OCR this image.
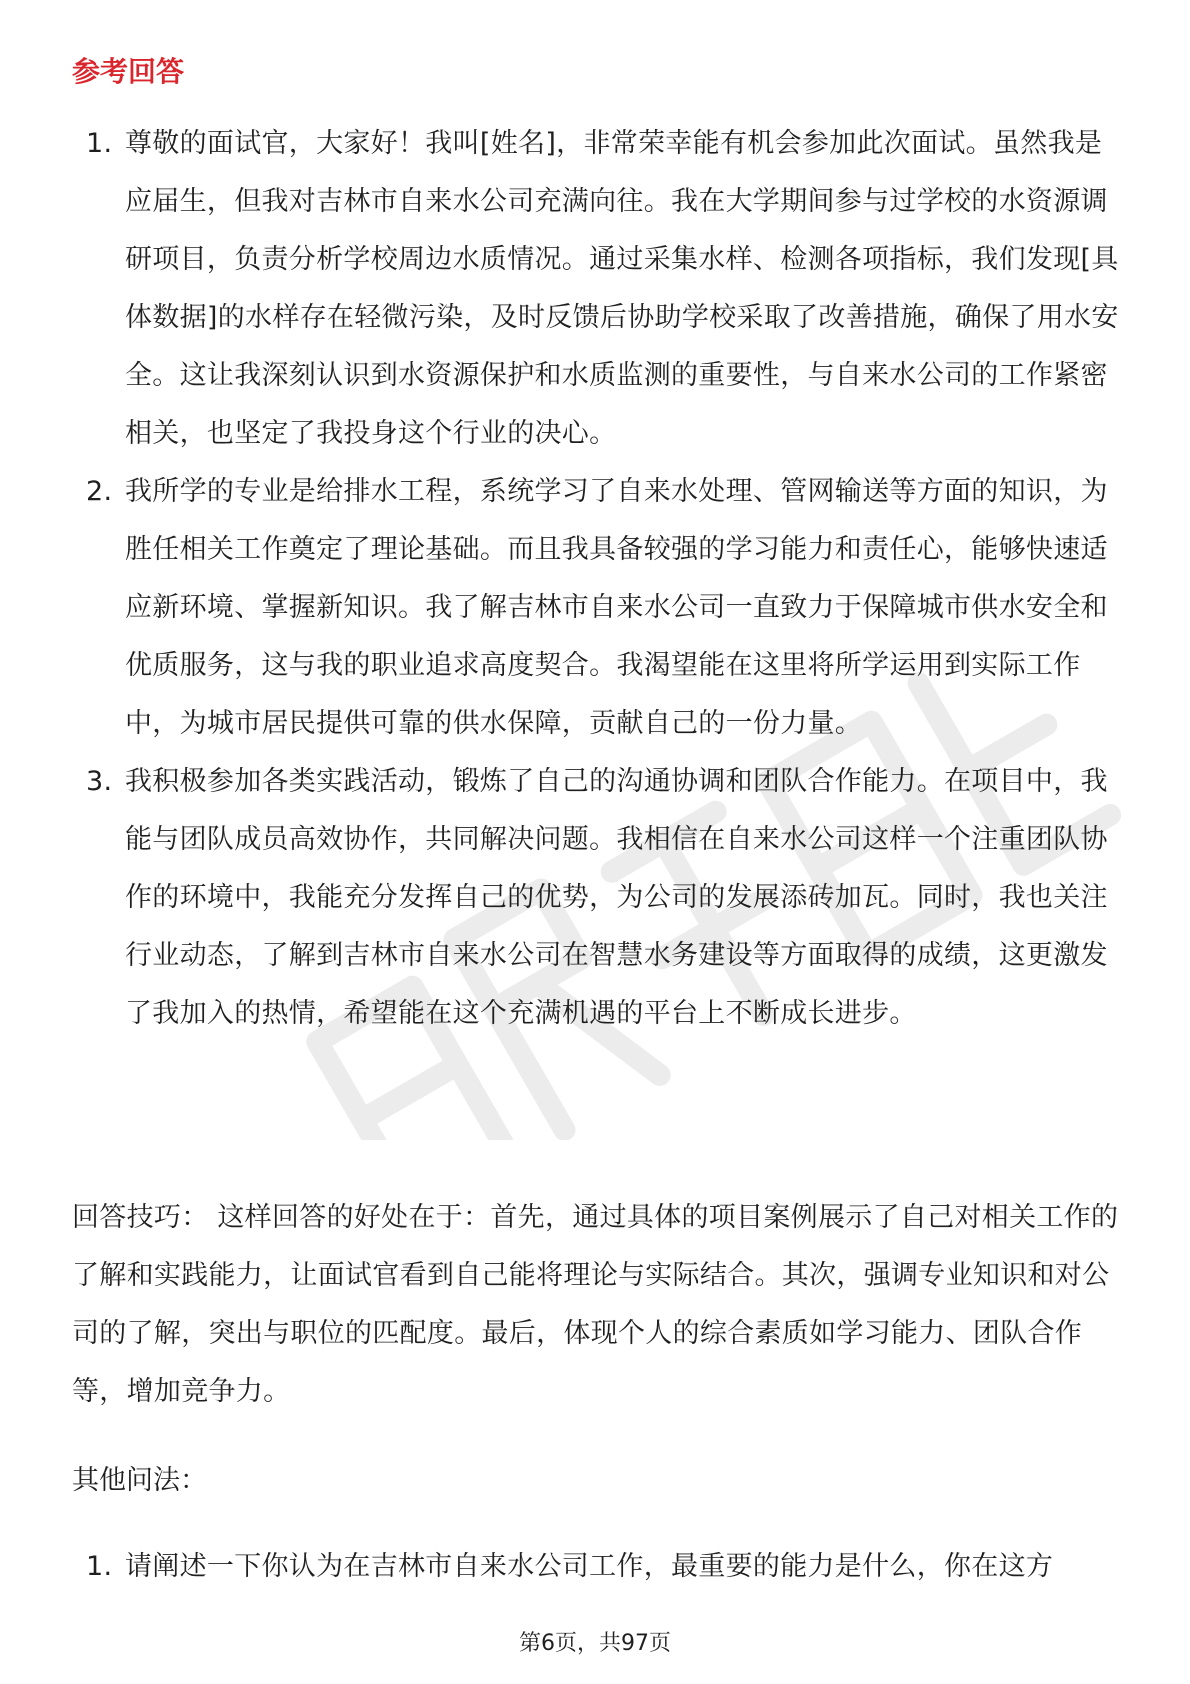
参考回答
1. 尊敬的面试官，大家好！我叫[姓名]，非常荣幸能有机会参加此次面试。虽然我是应届生，但我对吉林市自来水公司充满向往。我在大学期间参与过学校的水资源调研项目，负责分析学校周边水质情况。通过采集水样、检测各项指标，我们发现[具体数据]的水样存在轻微污染，及时反馈后协助学校采取了改善措施，确保了用水安全。这让我深刻认识到水资源保护和水质监测的重要性，与自来水公司的工作紧密相关，也坚定了我投身这个行业的决心。
2. 我所学的专业是给排水工程，系统学习了自来水处理、管网输送等方面的知识，为胜任相关工作奠定了理论基础。而且我具备较强的学习能力和责任心，能够快速适应新环境、掌握新知识。我了解吉林市自来水公司一直致力于保障城市供水安全和优质服务，这与我的职业追求高度契合。我渴望能在这里将所学运用到实际工作中，为城市居民提供可靠的供水保障，贡献自己的一份力量。
3. 我积极参加各类实践活动，锻炼了自己的沟通协调和团队合作能力。在项目中，我能与团队成员高效协作，共同解决问题。我相信在自来水公司这样一个注重团队协作的环境中，我能充分发挥自己的优势，为公司的发展添砖加瓦。同时，我也关注行业动态，了解到吉林市自来水公司在智慧水务建设等方面取得的成绩，这更激发了我加入的热情，希望能在这个充满机遇的平台上不断成长进步。
回答技巧： 这样回答的好处在于：首先，通过具体的项目案例展示了自己对相关工作的了解和实践能力，让面试官看到自己能将理论与实际结合。其次，强调专业知识和对公司的了解，突出与职位的匹配度。最后，体现个人的综合素质如学习能力、团队合作等，增加竞争力。
其他问法：
1. 请阐述一下你认为在吉林市自来水公司工作，最重要的能力是什么，你在这方
第6页，共97页
